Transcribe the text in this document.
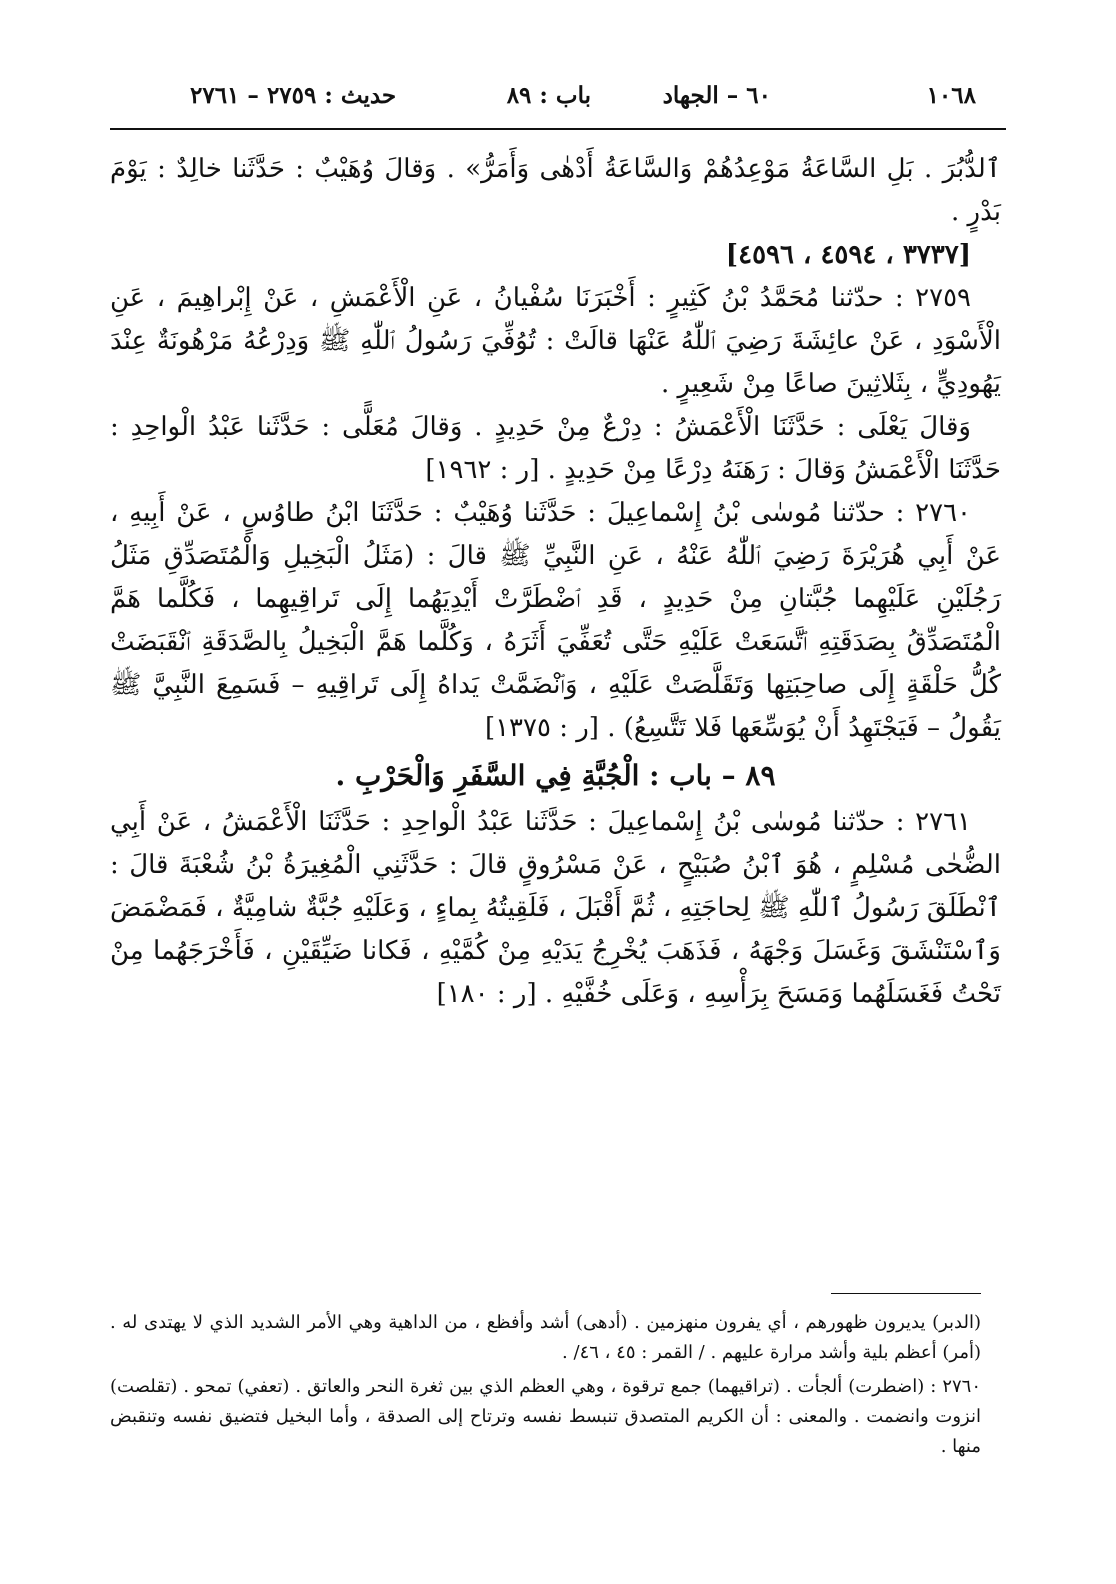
١٠٦٨
٦٠ – الجهاد
باب : ٨٩
حديث : ٢٧٥٩ – ٢٧٦١

ٱلدُّبُرَ . بَلِ السَّاعَةُ مَوْعِدُهُمْ وَالسَّاعَةُ أَدْهٰى وَأَمَرُّ» . وَقالَ وُهَيْبٌ : حَدَّثَنا خالِدٌ : يَوْمَ بَدْرٍ .

[٣٧٣٧ ، ٤٥٩٤ ، ٤٥٩٦]

٢٧٥٩ : حدّثنا مُحَمَّدُ بْنُ كَثِيرٍ : أَخْبَرَنَا سُفْيانُ ، عَنِ الْأَعْمَشِ ، عَنْ إِبْراهِيمَ ، عَنِ الْأَسْوَدِ ، عَنْ عائِشَةَ رَضِيَ ٱللّٰهُ عَنْهَا قالَتْ : تُوُفِّيَ رَسُولُ ٱللّٰهِ ﷺ وَدِرْعُهُ مَرْهُونَةٌ عِنْدَ يَهُودِيٍّ ، بِثَلاثِينَ صاعًا مِنْ شَعِيرٍ .

وَقالَ يَعْلَى : حَدَّثَنَا الْأَعْمَشُ : دِرْعٌ مِنْ حَدِيدٍ . وَقالَ مُعَلًّى : حَدَّثَنا عَبْدُ الْواحِدِ : حَدَّثَنَا الْأَعْمَشُ وَقالَ : رَهَنَهُ دِرْعًا مِنْ حَدِيدٍ . [ر : ١٩٦٢]

٢٧٦٠ : حدّثنا مُوسٰى بْنُ إِسْماعِيلَ : حَدَّثَنا وُهَيْبٌ : حَدَّثَنَا ابْنُ طاوُسٍ ، عَنْ أَبِيهِ ، عَنْ أَبِي هُرَيْرَةَ رَضِيَ ٱللّٰهُ عَنْهُ ، عَنِ النَّبِيِّ ﷺ قالَ : (مَثَلُ الْبَخِيلِ وَالْمُتَصَدِّقِ مَثَلُ رَجُلَيْنِ عَلَيْهِما جُبَّتانِ مِنْ حَدِيدٍ ، قَدِ ٱضْطَرَّتْ أَيْدِيَهُما إِلَى تَراقِيهِما ، فَكُلَّما هَمَّ الْمُتَصَدِّقُ بِصَدَقَتِهِ ٱتَّسَعَتْ عَلَيْهِ حَتَّى تُعَفِّيَ أَثَرَهُ ، وَكُلَّما هَمَّ الْبَخِيلُ بِالصَّدَقَةِ ٱنْقَبَضَتْ كُلُّ حَلْقَةٍ إِلَى صاحِبَتِها وَتَقَلَّصَتْ عَلَيْهِ ، وَٱنْضَمَّتْ يَداهُ إِلَى تَراقِيهِ – فَسَمِعَ النَّبِيَّ ﷺ يَقُولُ – فَيَجْتَهِدُ أَنْ يُوَسِّعَها فَلا تَتَّسِعُ) . [ر : ١٣٧٥]

٨٩ – باب : الْجُبَّةِ فِي السَّفَرِ وَالْحَرْبِ .

٢٧٦١ : حدّثنا مُوسٰى بْنُ إِسْماعِيلَ : حَدَّثَنا عَبْدُ الْواحِدِ : حَدَّثَنَا الْأَعْمَشُ ، عَنْ أَبِي الضُّحٰى مُسْلِمٍ ، هُوَ ٱبْنُ صُبَيْحٍ ، عَنْ مَسْرُوقٍ قالَ : حَدَّثَنِي الْمُغِيرَةُ بْنُ شُعْبَةَ قالَ : ٱنْطَلَقَ رَسُولُ ٱللّٰهِ ﷺ لِحاجَتِهِ ، ثُمَّ أَقْبَلَ ، فَلَقِيتُهُ بِماءٍ ، وَعَلَيْهِ جُبَّةٌ شامِيَّةٌ ، فَمَضْمَضَ وَٱسْتَنْشَقَ وَغَسَلَ وَجْهَهُ ، فَذَهَبَ يُخْرِجُ يَدَيْهِ مِنْ كُمَّيْهِ ، فَكانا ضَيِّقَيْنِ ، فَأَخْرَجَهُما مِنْ تَحْتُ فَغَسَلَهُما وَمَسَحَ بِرَأْسِهِ ، وَعَلَى خُفَّيْهِ . [ر : ١٨٠]

(الدبر) يديرون ظهورهم ، أي يفرون منهزمين . (أدهى) أشد وأفظع ، من الداهية وهي الأمر الشديد الذي لا يهتدى له . (أمر) أعظم بلية وأشد مرارة عليهم . / القمر : ٤٥ ، ٤٦/ .

٢٧٦٠ : (اضطرت) ألجأت . (تراقيهما) جمع ترقوة ، وهي العظم الذي بين ثغرة النحر والعاتق . (تعفي) تمحو . (تقلصت) انزوت وانضمت . والمعنى : أن الكريم المتصدق تنبسط نفسه وترتاح إلى الصدقة ، وأما البخيل فتضيق نفسه وتنقبض منها .
